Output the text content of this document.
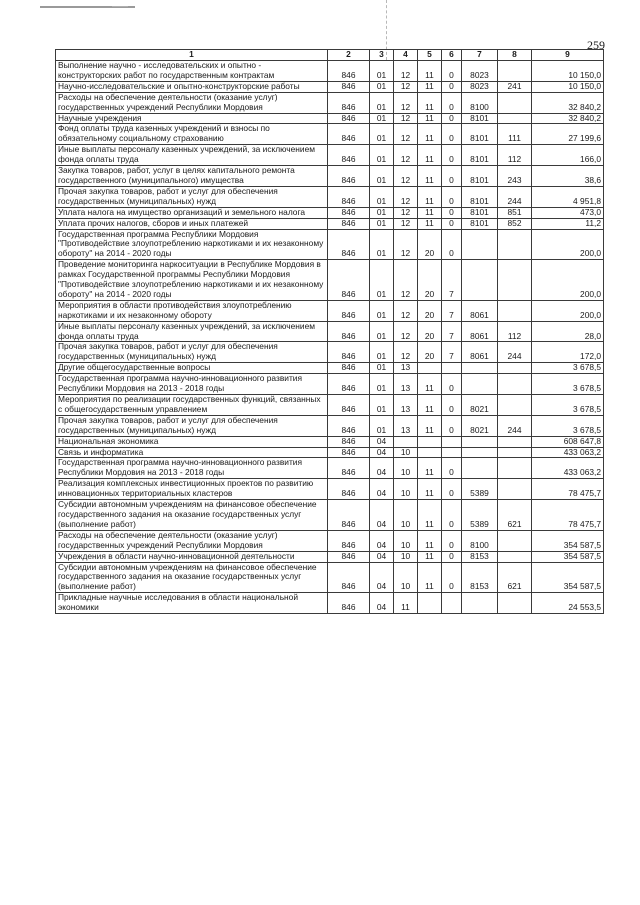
259
1	2	3	4	5	6	7	8	9
Выполнение научно - исследовательских и опытно - конструкторских работ по государственным контрактам	846	01	12	11	0	8023		10 150,0
Научно-исследовательские и опытно-конструкторские работы	846	01	12	11	0	8023	241	10 150,0
Расходы на обеспечение деятельности (оказание услуг) государственных учреждений Республики Мордовия	846	01	12	11	0	8100		32 840,2
Научные учреждения	846	01	12	11	0	8101		32 840,2
Фонд оплаты труда казенных учреждений и взносы по обязательному социальному страхованию	846	01	12	11	0	8101	111	27 199,6
Иные выплаты персоналу казенных учреждений, за исключением фонда оплаты труда	846	01	12	11	0	8101	112	166,0
Закупка товаров, работ, услуг в целях капитального ремонта государственного (муниципального) имущества	846	01	12	11	0	8101	243	38,6
Прочая закупка товаров, работ и услуг для обеспечения государственных (муниципальных) нужд	846	01	12	11	0	8101	244	4 951,8
Уплата налога на имущество организаций и земельного налога	846	01	12	11	0	8101	851	473,0
Уплата прочих налогов, сборов и иных платежей	846	01	12	11	0	8101	852	11,2
Государственная программа Республики Мордовия "Противодействие злоупотреблению наркотиками и их незаконному обороту" на 2014 - 2020 годы	846	01	12	20	0			200,0
Проведение мониторинга наркоситуации в Республике Мордовия в рамках Государственной программы Республики Мордовия "Противодействие злоупотреблению наркотиками и их незаконному обороту" на 2014 - 2020 годы	846	01	12	20	7			200,0
Мероприятия в области противодействия злоупотреблению наркотиками и их незаконному обороту	846	01	12	20	7	8061		200,0
Иные выплаты персоналу казенных учреждений, за исключением фонда оплаты труда	846	01	12	20	7	8061	112	28,0
Прочая закупка товаров, работ и услуг для обеспечения государственных (муниципальных) нужд	846	01	12	20	7	8061	244	172,0
Другие общегосударственные вопросы	846	01	13					3 678,5
Государственная программа научно-инновационного развития Республики Мордовия на 2013 - 2018 годы	846	01	13	11	0			3 678,5
Мероприятия по реализации государственных функций, связанных с общегосударственным управлением	846	01	13	11	0	8021		3 678,5
Прочая закупка товаров, работ и услуг для обеспечения государственных (муниципальных) нужд	846	01	13	11	0	8021	244	3 678,5
Национальная экономика	846	04						608 647,8
Связь и информатика	846	04	10					433 063,2
Государственная программа научно-инновационного развития Республики Мордовия на 2013 - 2018 годы	846	04	10	11	0			433 063,2
Реализация комплексных инвестиционных проектов по развитию инновационных территориальных кластеров	846	04	10	11	0	5389		78 475,7
Субсидии автономным учреждениям на финансовое обеспечение государственного задания на оказание государственных услуг (выполнение работ)	846	04	10	11	0	5389	621	78 475,7
Расходы на обеспечение деятельности (оказание услуг) государственных учреждений Республики Мордовия	846	04	10	11	0	8100		354 587,5
Учреждения в области научно-инновационной деятельности	846	04	10	11	0	8153		354 587,5
Субсидии автономным учреждениям на финансовое обеспечение государственного задания на оказание государственных услуг (выполнение работ)	846	04	10	11	0	8153	621	354 587,5
Прикладные научные исследования в области национальной экономики	846	04	11					24 553,5
